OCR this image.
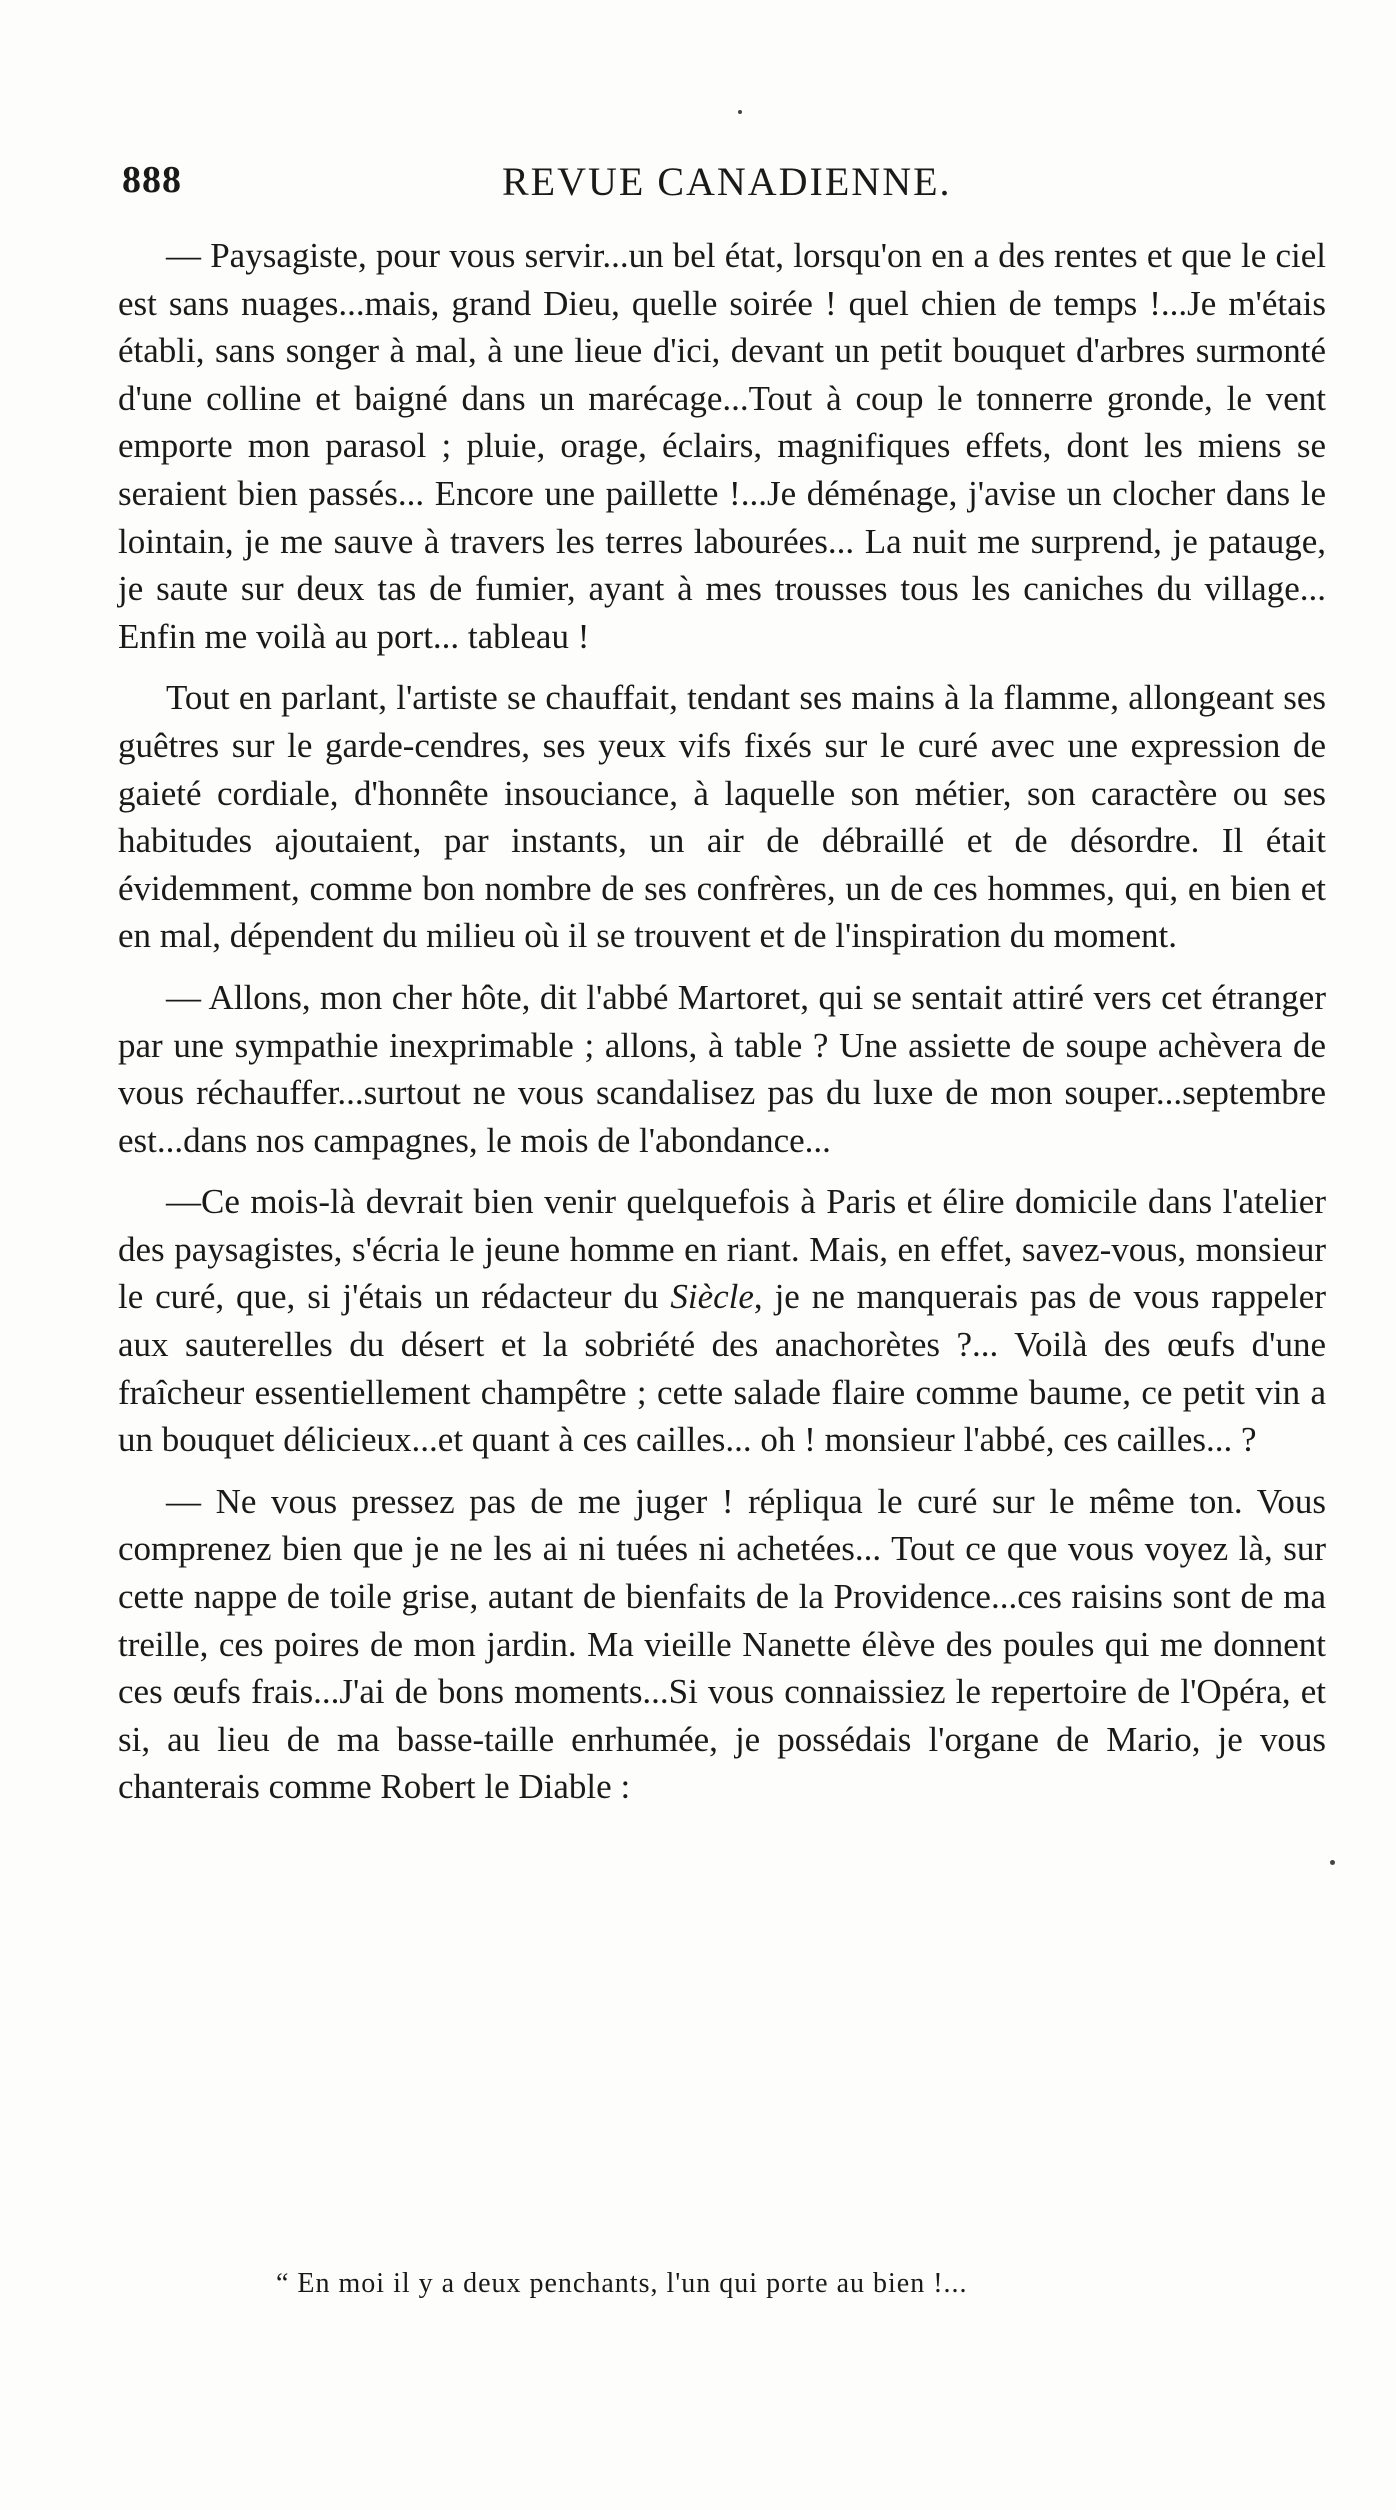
888	REVUE CANADIENNE.

— Paysagiste, pour vous servir...un bel état, lorsqu'on en a des rentes et que le ciel est sans nuages...mais, grand Dieu, quelle soirée ! quel chien de temps !...Je m'étais établi, sans songer à mal, à une lieue d'ici, devant un petit bouquet d'arbres surmonté d'une colline et baigné dans un marécage...Tout à coup le tonnerre gronde, le vent emporte mon parasol ; pluie, orage, éclairs, magnifiques effets, dont les miens se seraient bien passés... Encore une paillette !...Je déménage, j'avise un clocher dans le lointain, je me sauve à travers les terres labourées... La nuit me surprend, je patauge, je saute sur deux tas de fumier, ayant à mes trousses tous les caniches du village... Enfin me voilà au port... tableau !

Tout en parlant, l'artiste se chauffait, tendant ses mains à la flamme, allongeant ses guêtres sur le garde-cendres, ses yeux vifs fixés sur le curé avec une expression de gaieté cordiale, d'honnête insouciance, à laquelle son métier, son caractère ou ses habitudes ajoutaient, par instants, un air de débraillé et de désordre. Il était évidemment, comme bon nombre de ses confrères, un de ces hommes, qui, en bien et en mal, dépendent du milieu où il se trouvent et de l'inspiration du moment.

— Allons, mon cher hôte, dit l'abbé Martoret, qui se sentait attiré vers cet étranger par une sympathie inexprimable ; allons, à table ? Une assiette de soupe achèvera de vous réchauffer...surtout ne vous scandalisez pas du luxe de mon souper...septembre est...dans nos campagnes, le mois de l'abondance...

—Ce mois-là devrait bien venir quelquefois à Paris et élire domicile dans l'atelier des paysagistes, s'écria le jeune homme en riant. Mais, en effet, savez-vous, monsieur le curé, que, si j'étais un rédacteur du Siècle, je ne manquerais pas de vous rappeler aux sauterelles du désert et la sobriété des anachorètes ?... Voilà des œufs d'une fraîcheur essentiellement champêtre ; cette salade flaire comme baume, ce petit vin a un bouquet délicieux...et quant à ces cailles... oh ! monsieur l'abbé, ces cailles... ?

— Ne vous pressez pas de me juger ! répliqua le curé sur le même ton. Vous comprenez bien que je ne les ai ni tuées ni achetées... Tout ce que vous voyez là, sur cette nappe de toile grise, autant de bienfaits de la Providence...ces raisins sont de ma treille, ces poires de mon jardin. Ma vieille Nanette élève des poules qui me donnent ces œufs frais...J'ai de bons moments...Si vous connaissiez le repertoire de l'Opéra, et si, au lieu de ma basse-taille enrhumée, je possédais l'organe de Mario, je vous chanterais comme Robert le Diable :

“ En moi il y a deux penchants, l'un qui porte au bien !...
